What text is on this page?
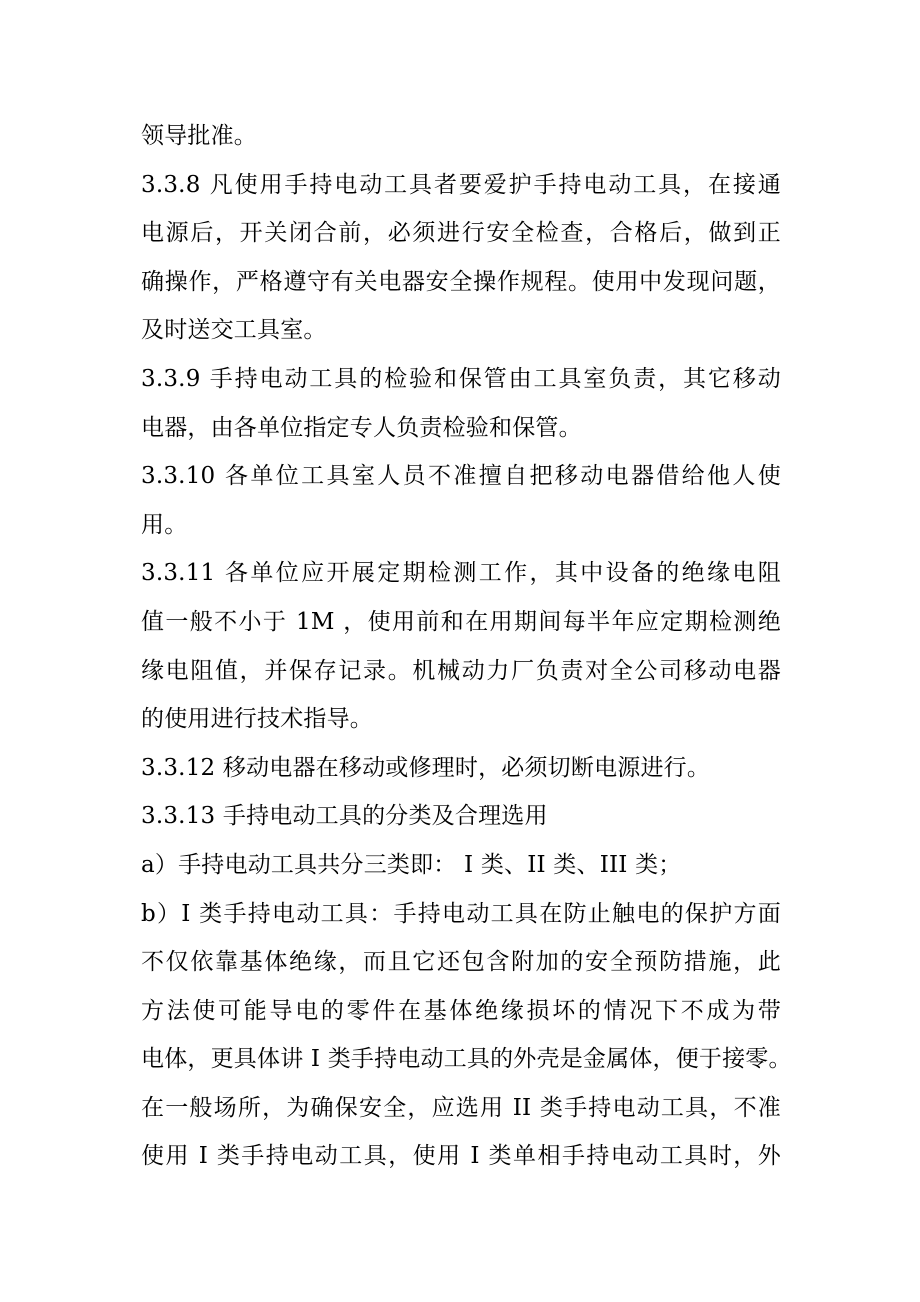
领导批准。
3.3.8 凡使用手持电动工具者要爱护手持电动工具，在接通
电源后，开关闭合前，必须进行安全检查，合格后，做到正
确操作，严格遵守有关电器安全操作规程。使用中发现问题，
及时送交工具室。
3.3.9 手持电动工具的检验和保管由工具室负责，其它移动
电器，由各单位指定专人负责检验和保管。
3.3.10 各单位工具室人员不准擅自把移动电器借给他人使
用。
3.3.11 各单位应开展定期检测工作，其中设备的绝缘电阻
值一般不小于 1M ，使用前和在用期间每半年应定期检测绝
缘电阻值，并保存记录。机械动力厂负责对全公司移动电器
的使用进行技术指导。
3.3.12 移动电器在移动或修理时，必须切断电源进行。
3.3.13 手持电动工具的分类及合理选用
a）手持电动工具共分三类即： I 类、II 类、III 类；
b）I 类手持电动工具：手持电动工具在防止触电的保护方面
不仅依靠基体绝缘，而且它还包含附加的安全预防措施，此
方法使可能导电的零件在基体绝缘损坏的情况下不成为带
电体，更具体讲 I 类手持电动工具的外壳是金属体，便于接零。
在一般场所，为确保安全，应选用 II 类手持电动工具，不准
使用 I 类手持电动工具，使用 I 类单相手持电动工具时，外
